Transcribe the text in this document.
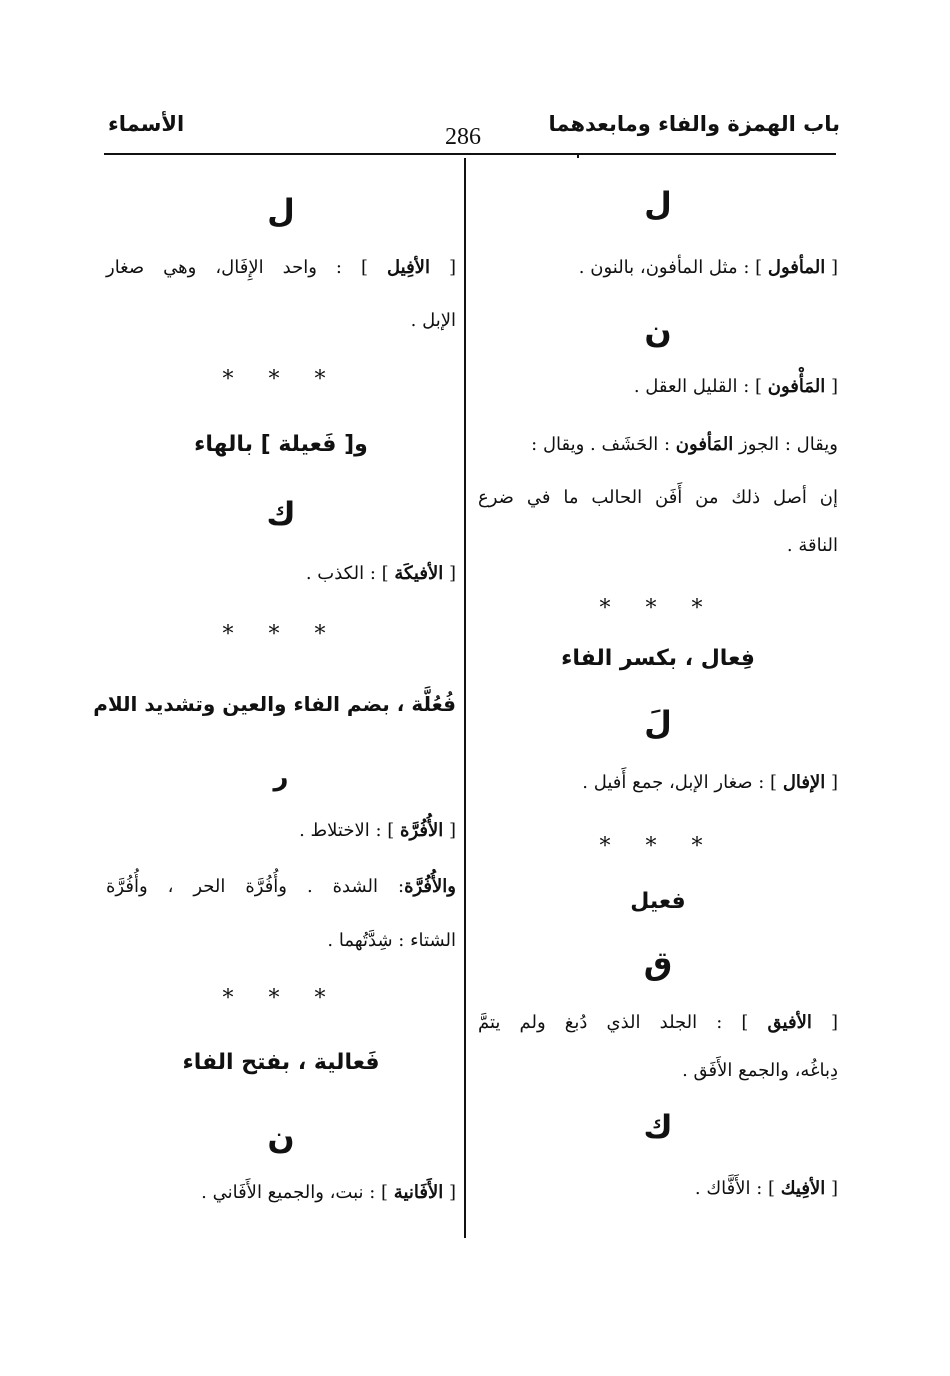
باب الهمزة والفاء ومابعدهما
286
الأسماء
ل
[ المأفول ] : مثل المأفون، بالنون .
ن
[ المَأْفون ] : القليل العقل .
ويقال : الجوز المَأفون : الحَشَف . ويقال :
إن أصل ذلك من أَفَن الحالب ما في ضرع
الناقة .
* * *
فِعال ، بكسر الفاء
لَ
[ الإفال ] : صغار الإبل، جمع أَفيل .
* * *
فعيل
ق
[ الأفيق ] : الجلد الذي دُبغ ولم يتمَّ
دِباغُه، والجمع الأَفَق .
ك
[ الأفِيك ] : الأَفَّاك .
ل
[ الأفِيل ] : واحد الإِفَال، وهي صغار
الإبل .
* * *
و[ فَعيلة ] بالهاء
ك
[ الأفيكَة ] : الكذب .
* * *
فُعُلَّة ، بضم الفاء والعين وتشديد اللام
ر
[ الأُفُرَّة ] : الاختلاط .
والأُفُرَّة: الشدة . وأُفُرَّة الحر ، وأُفُرَّة
الشتاء : شِدَّتُهما .
* * *
فَعالية ، بفتح الفاء
ن
[ الأَفَانية ] : نبت، والجميع الأَفَاني .
